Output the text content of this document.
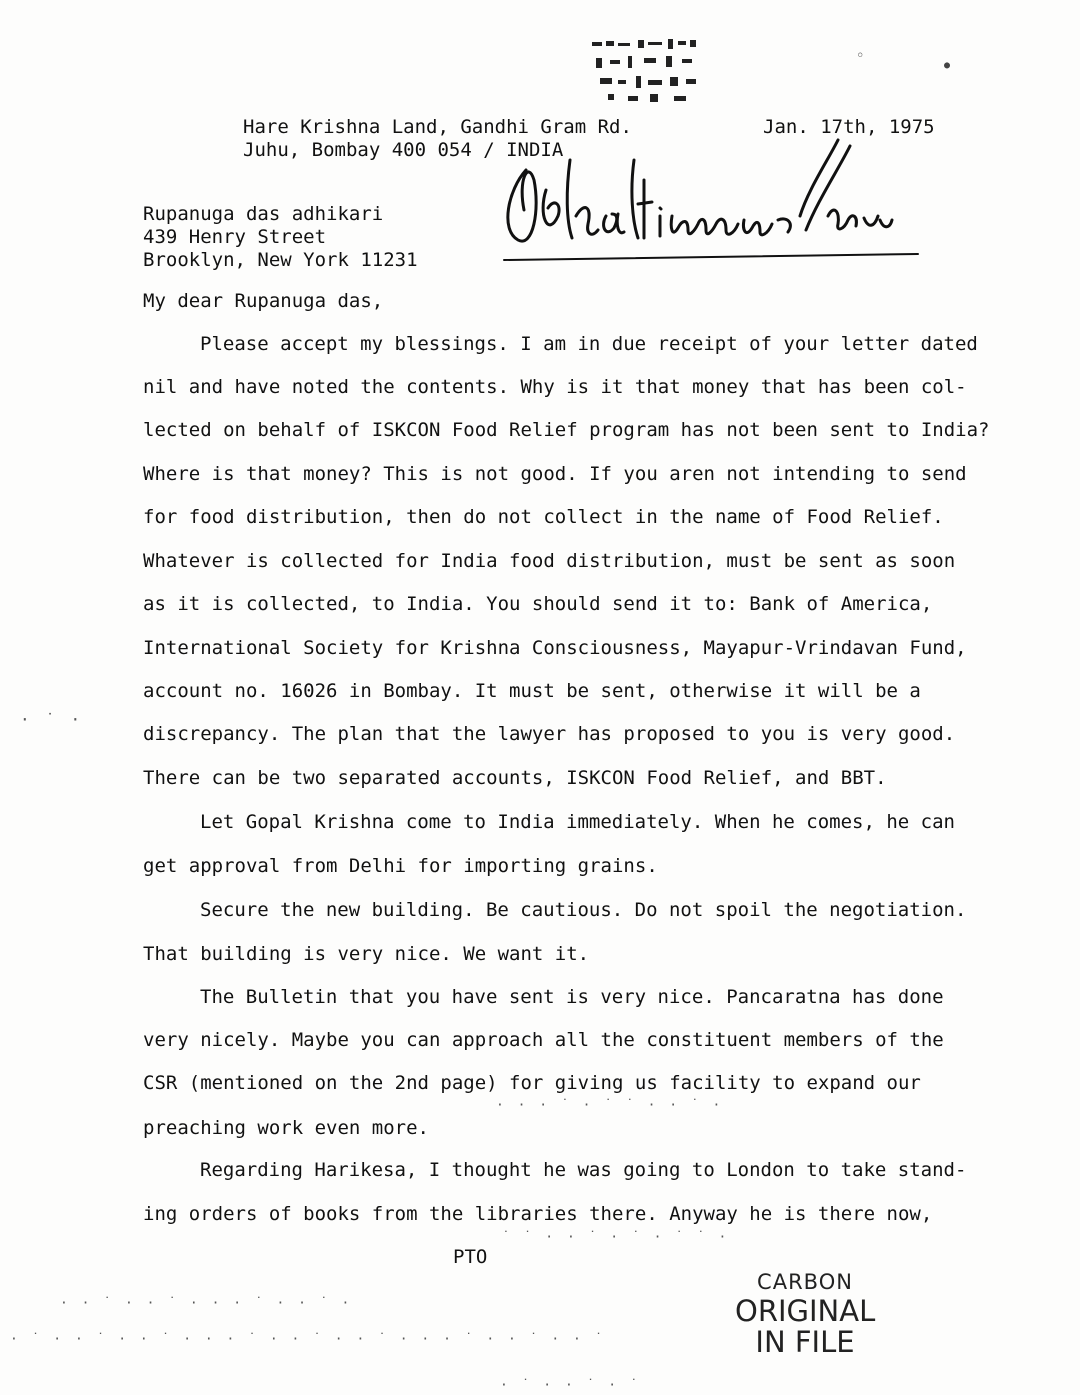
◦
●
Hare Krishna Land, Gandhi Gram Rd.
Juhu, Bombay 400 054 / INDIA
Jan. 17th, 1975
Rupanuga das adhikari
439 Henry Street
Brooklyn, New York 11231
My dear Rupanuga das,
Please accept my blessings. I am in due receipt of your letter dated
nil and have noted the contents. Why is it that money that has been col-
lected on behalf of ISKCON Food Relief program has not been sent to India?
Where is that money? This is not good. If you aren not intending to send
for food distribution, then do not collect in the name of Food Relief.
Whatever is collected for India food distribution, must be sent as soon
as it is collected, to India. You should send it to: Bank of America,
International Society for Krishna Consciousness, Mayapur-Vrindavan Fund,
account no. 16026 in Bombay. It must be sent, otherwise it will be a
discrepancy. The plan that the lawyer has proposed to you is very good.
There can be two separated accounts, ISKCON Food Relief, and BBT.
Let Gopal Krishna come to India immediately. When he comes, he can
get approval from Delhi for importing grains.
Secure the new building. Be cautious. Do not spoil the negotiation.
That building is very nice. We want it.
The Bulletin that you have sent is very nice. Pancaratna has done
very nicely. Maybe you can approach all the constituent members of the
CSR (mentioned on the 2nd page) for giving us facility to expand our
preaching work even more.
Regarding Harikesa, I thought he was going to London to take stand-
ing orders of books from the libraries there. Anyway he is there now,
PTO
· · · ˙ · ˙ ˙ · · ˙ ·
˙ ˙ · · ˙ · ˙ · ˙ ˙ ·
· ˙ ·
· · ˙ · · ˙ · · · ˙ · · ˙ ·
· ˙ · · ˙ · · ˙ · · · ˙ · · ˙ · · ˙ · · · ˙ · · ˙ · · ˙
· ˙ · · ˙ · ˙
CARBON
ORIGINAL
IN FILE
